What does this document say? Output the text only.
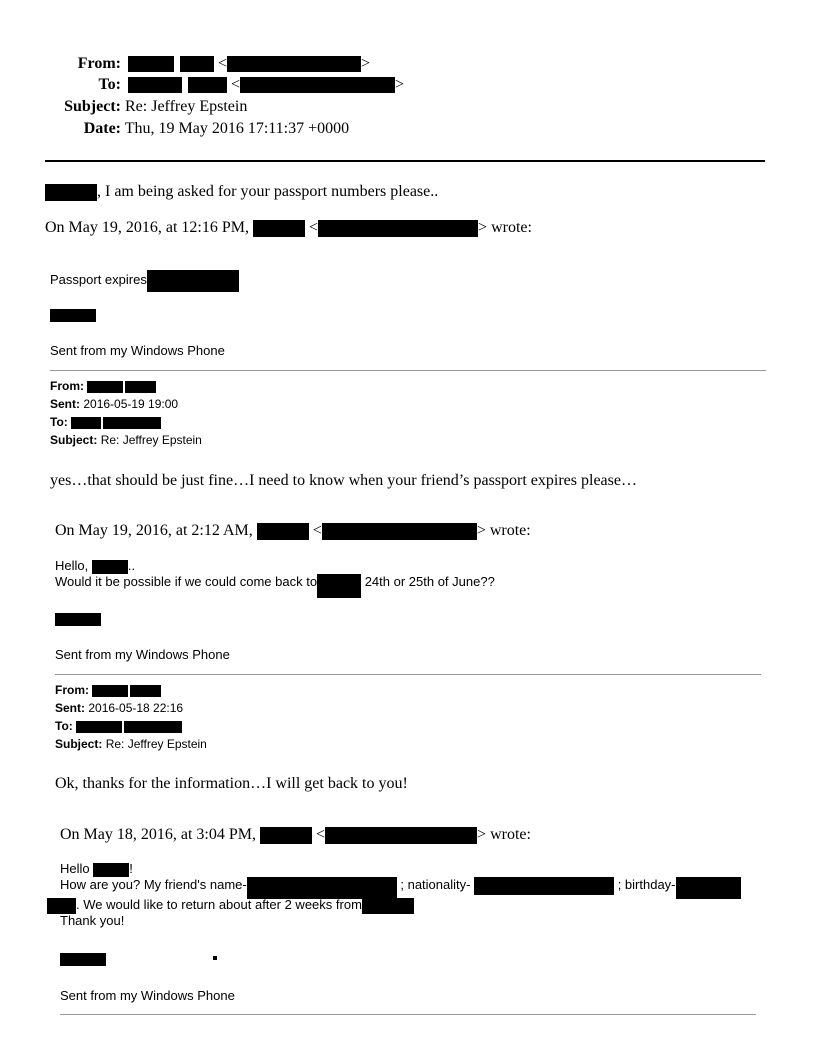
From:	<	>
To:	<	>
Subject: Re: Jeffrey Epstein
Date: Thu, 19 May 2016 17:11:37 +0000
, I am being asked for your passport numbers please..
On May 19, 2016, at 12:16 PM,	<	> wrote:
Passport expires
Sent from my Windows Phone
From:
Sent: 2016-05-19 19:00
To:
Subject: Re: Jeffrey Epstein
yes…that should be just fine…I need to know when your friend’s passport expires please…
On May 19, 2016, at 2:12 AM,	<	> wrote:
Hello,	..
Would it be possible if we could come back to	24th or 25th of June??
Sent from my Windows Phone
From:
Sent: 2016-05-18 22:16
To:
Subject: Re: Jeffrey Epstein
Ok, thanks for the information…I will get back to you!
On May 18, 2016, at 3:04 PM,	<	> wrote:
Hello	!
How are you? My friend's name-	; nationality-	; birthday-
. We would like to return about after 2 weeks from
Thank you!
Sent from my Windows Phone
